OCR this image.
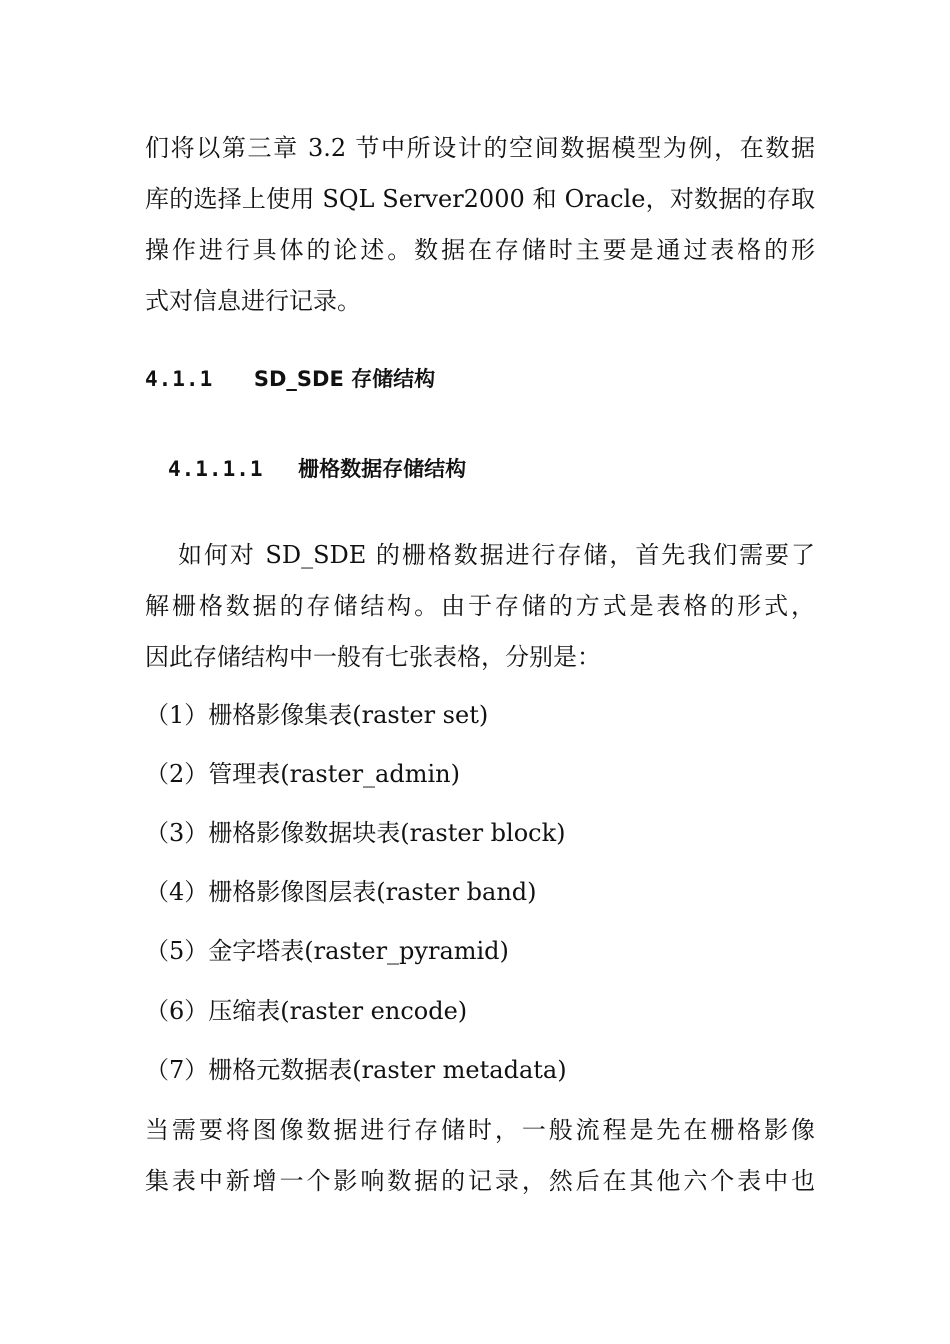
们将以第三章 3.2 节中所设计的空间数据模型为例，在数据
库的选择上使用 SQL Server2000 和 Oracle，对数据的存取
操作进行具体的论述。数据在存储时主要是通过表格的形
式对信息进行记录。
4.1.1 SD_SDE 存储结构
4.1.1.1 栅格数据存储结构
如何对 SD_SDE 的栅格数据进行存储，首先我们需要了
解栅格数据的存储结构。由于存储的方式是表格的形式，
因此存储结构中一般有七张表格，分别是：
（1）栅格影像集表(raster set)
（2）管理表(raster_admin)
（3）栅格影像数据块表(raster block)
（4）栅格影像图层表(raster band)
（5）金字塔表(raster_pyramid)
（6）压缩表(raster encode)
（7）栅格元数据表(raster metadata)
当需要将图像数据进行存储时，一般流程是先在栅格影像
集表中新增一个影响数据的记录，然后在其他六个表中也
